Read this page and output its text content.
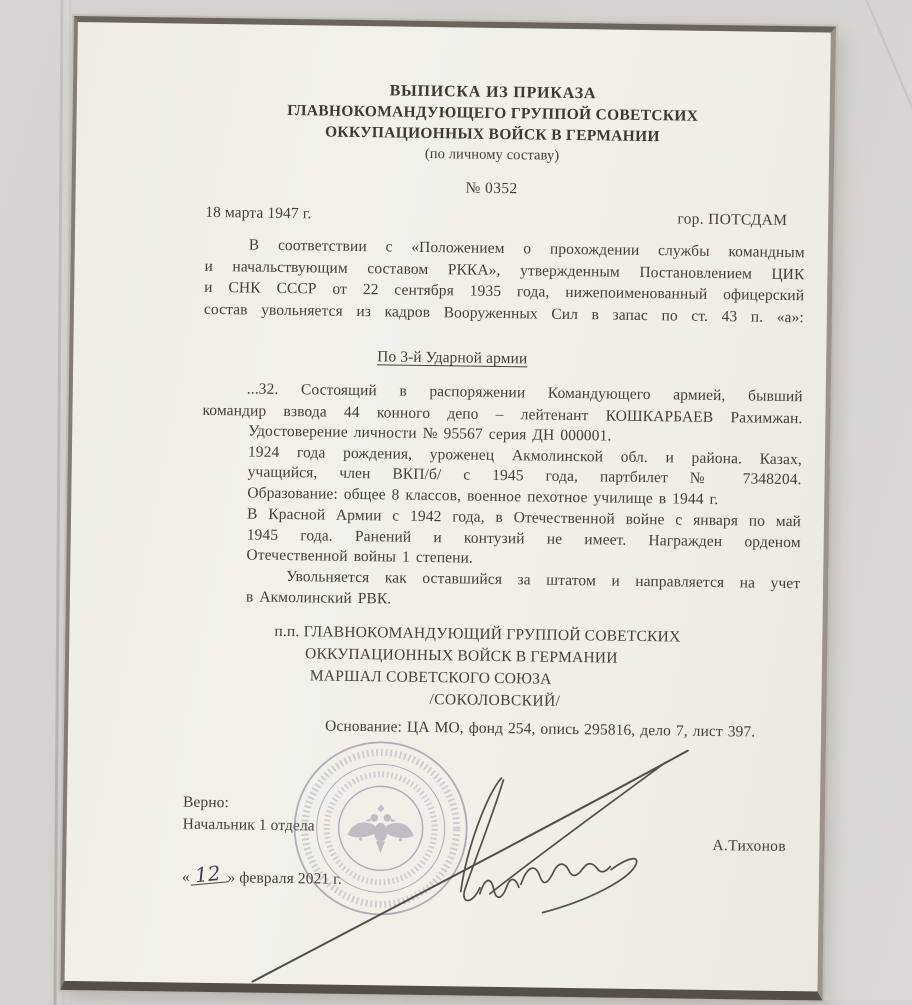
ВЫПИСКА ИЗ ПРИКАЗА
ГЛАВНОКОМАНДУЮЩЕГО ГРУППОЙ СОВЕТСКИХ
ОККУПАЦИОННЫХ ВОЙСК В ГЕРМАНИИ
(по личному составу)
№ 0352
18 марта 1947 г.	гор. ПОТСДАМ
В соответствии с «Положением о прохождении службы командным
и начальствующим составом РККА», утвержденным Постановлением ЦИК
и СНК СССР от 22 сентября 1935 года, нижепоименованный офицерский
состав увольняется из кадров Вооруженных Сил в запас по ст. 43 п. «а»:
По 3-й Ударной армии
...32. Состоящий в распоряжении Командующего армией, бывший
командир взвода 44 конного депо – лейтенант КОШКАРБАЕВ Рахимжан.
Удостоверение личности № 95567 серия ДН 000001.
1924 года рождения, уроженец Акмолинской обл. и района. Казах,
учащийся, член ВКП/б/ с 1945 года, партбилет № 7348204.
Образование: общее 8 классов, военное пехотное училище в 1944 г.
В Красной Армии с 1942 года, в Отечественной войне с января по май
1945 года. Ранений и контузий не имеет. Награжден орденом
Отечественной войны 1 степени.
Увольняется как оставшийся за штатом и направляется на учет
в Акмолинский РВК.
п.п. ГЛАВНОКОМАНДУЮЩИЙ ГРУППОЙ СОВЕТСКИХ
ОККУПАЦИОННЫХ ВОЙСК В ГЕРМАНИИ
МАРШАЛ СОВЕТСКОГО СОЮЗА
/СОКОЛОВСКИЙ/
Основание: ЦА МО, фонд 254, опись 295816, дело 7, лист 397.
Верно:
Начальник 1 отдела
« 12 » февраля 2021 г.
А.Тихонов
